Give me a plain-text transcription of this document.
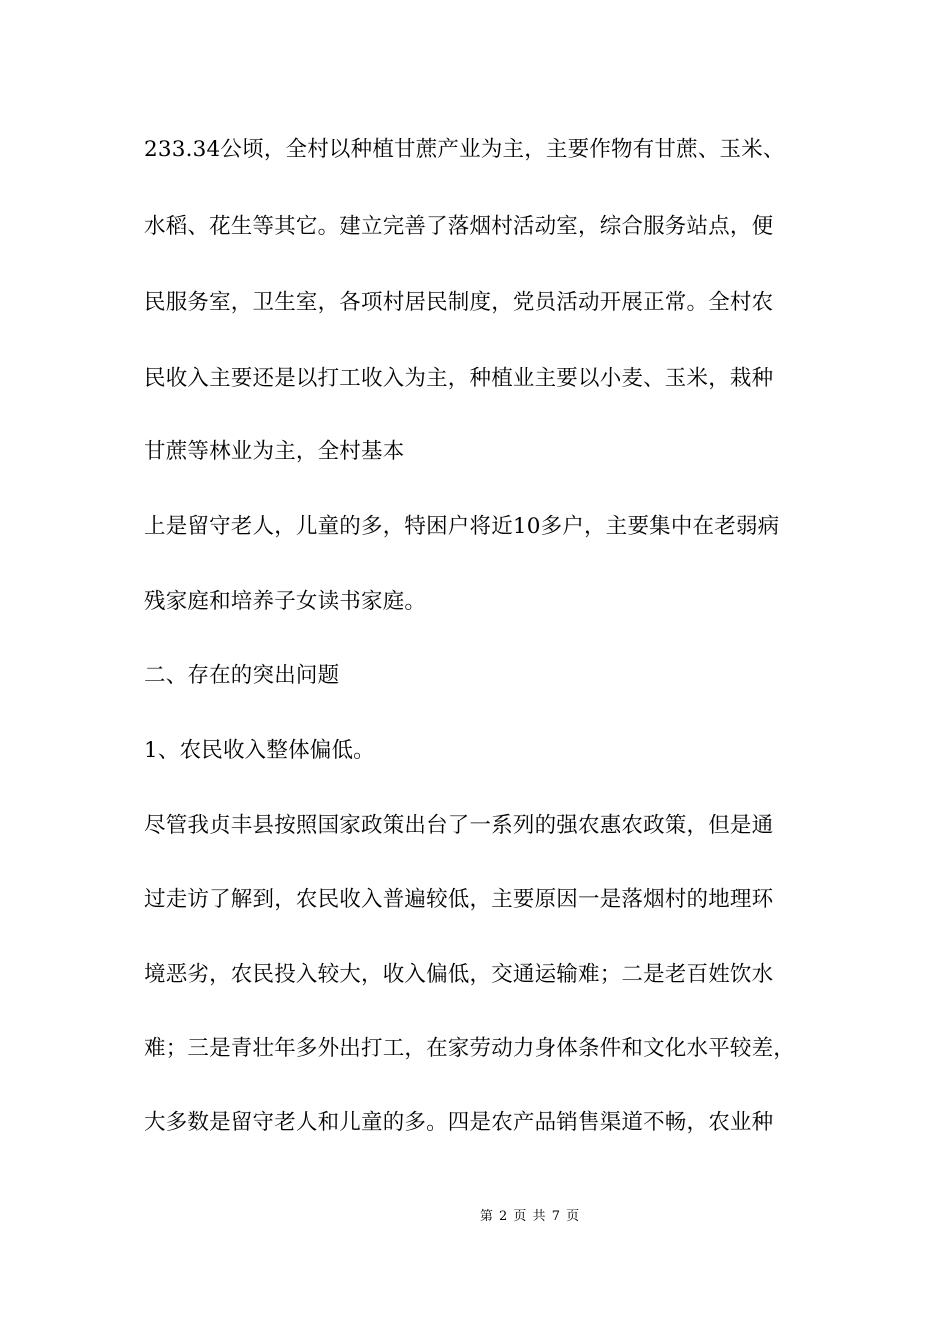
233.34公顷，全村以种植甘蔗产业为主，主要作物有甘蔗、玉米、
水稻、花生等其它。建立完善了落烟村活动室，综合服务站点，便
民服务室，卫生室，各项村居民制度，党员活动开展正常。全村农
民收入主要还是以打工收入为主，种植业主要以小麦、玉米，栽种
甘蔗等林业为主，全村基本
上是留守老人，儿童的多，特困户将近10多户，主要集中在老弱病
残家庭和培养子女读书家庭。
二、存在的突出问题
1、农民收入整体偏低。
尽管我贞丰县按照国家政策出台了一系列的强农惠农政策，但是通
过走访了解到，农民收入普遍较低，主要原因一是落烟村的地理环
境恶劣，农民投入较大，收入偏低，交通运输难；二是老百姓饮水
难；三是青壮年多外出打工，在家劳动力身体条件和文化水平较差，
大多数是留守老人和儿童的多。四是农产品销售渠道不畅，农业种
第 2 页 共 7 页
